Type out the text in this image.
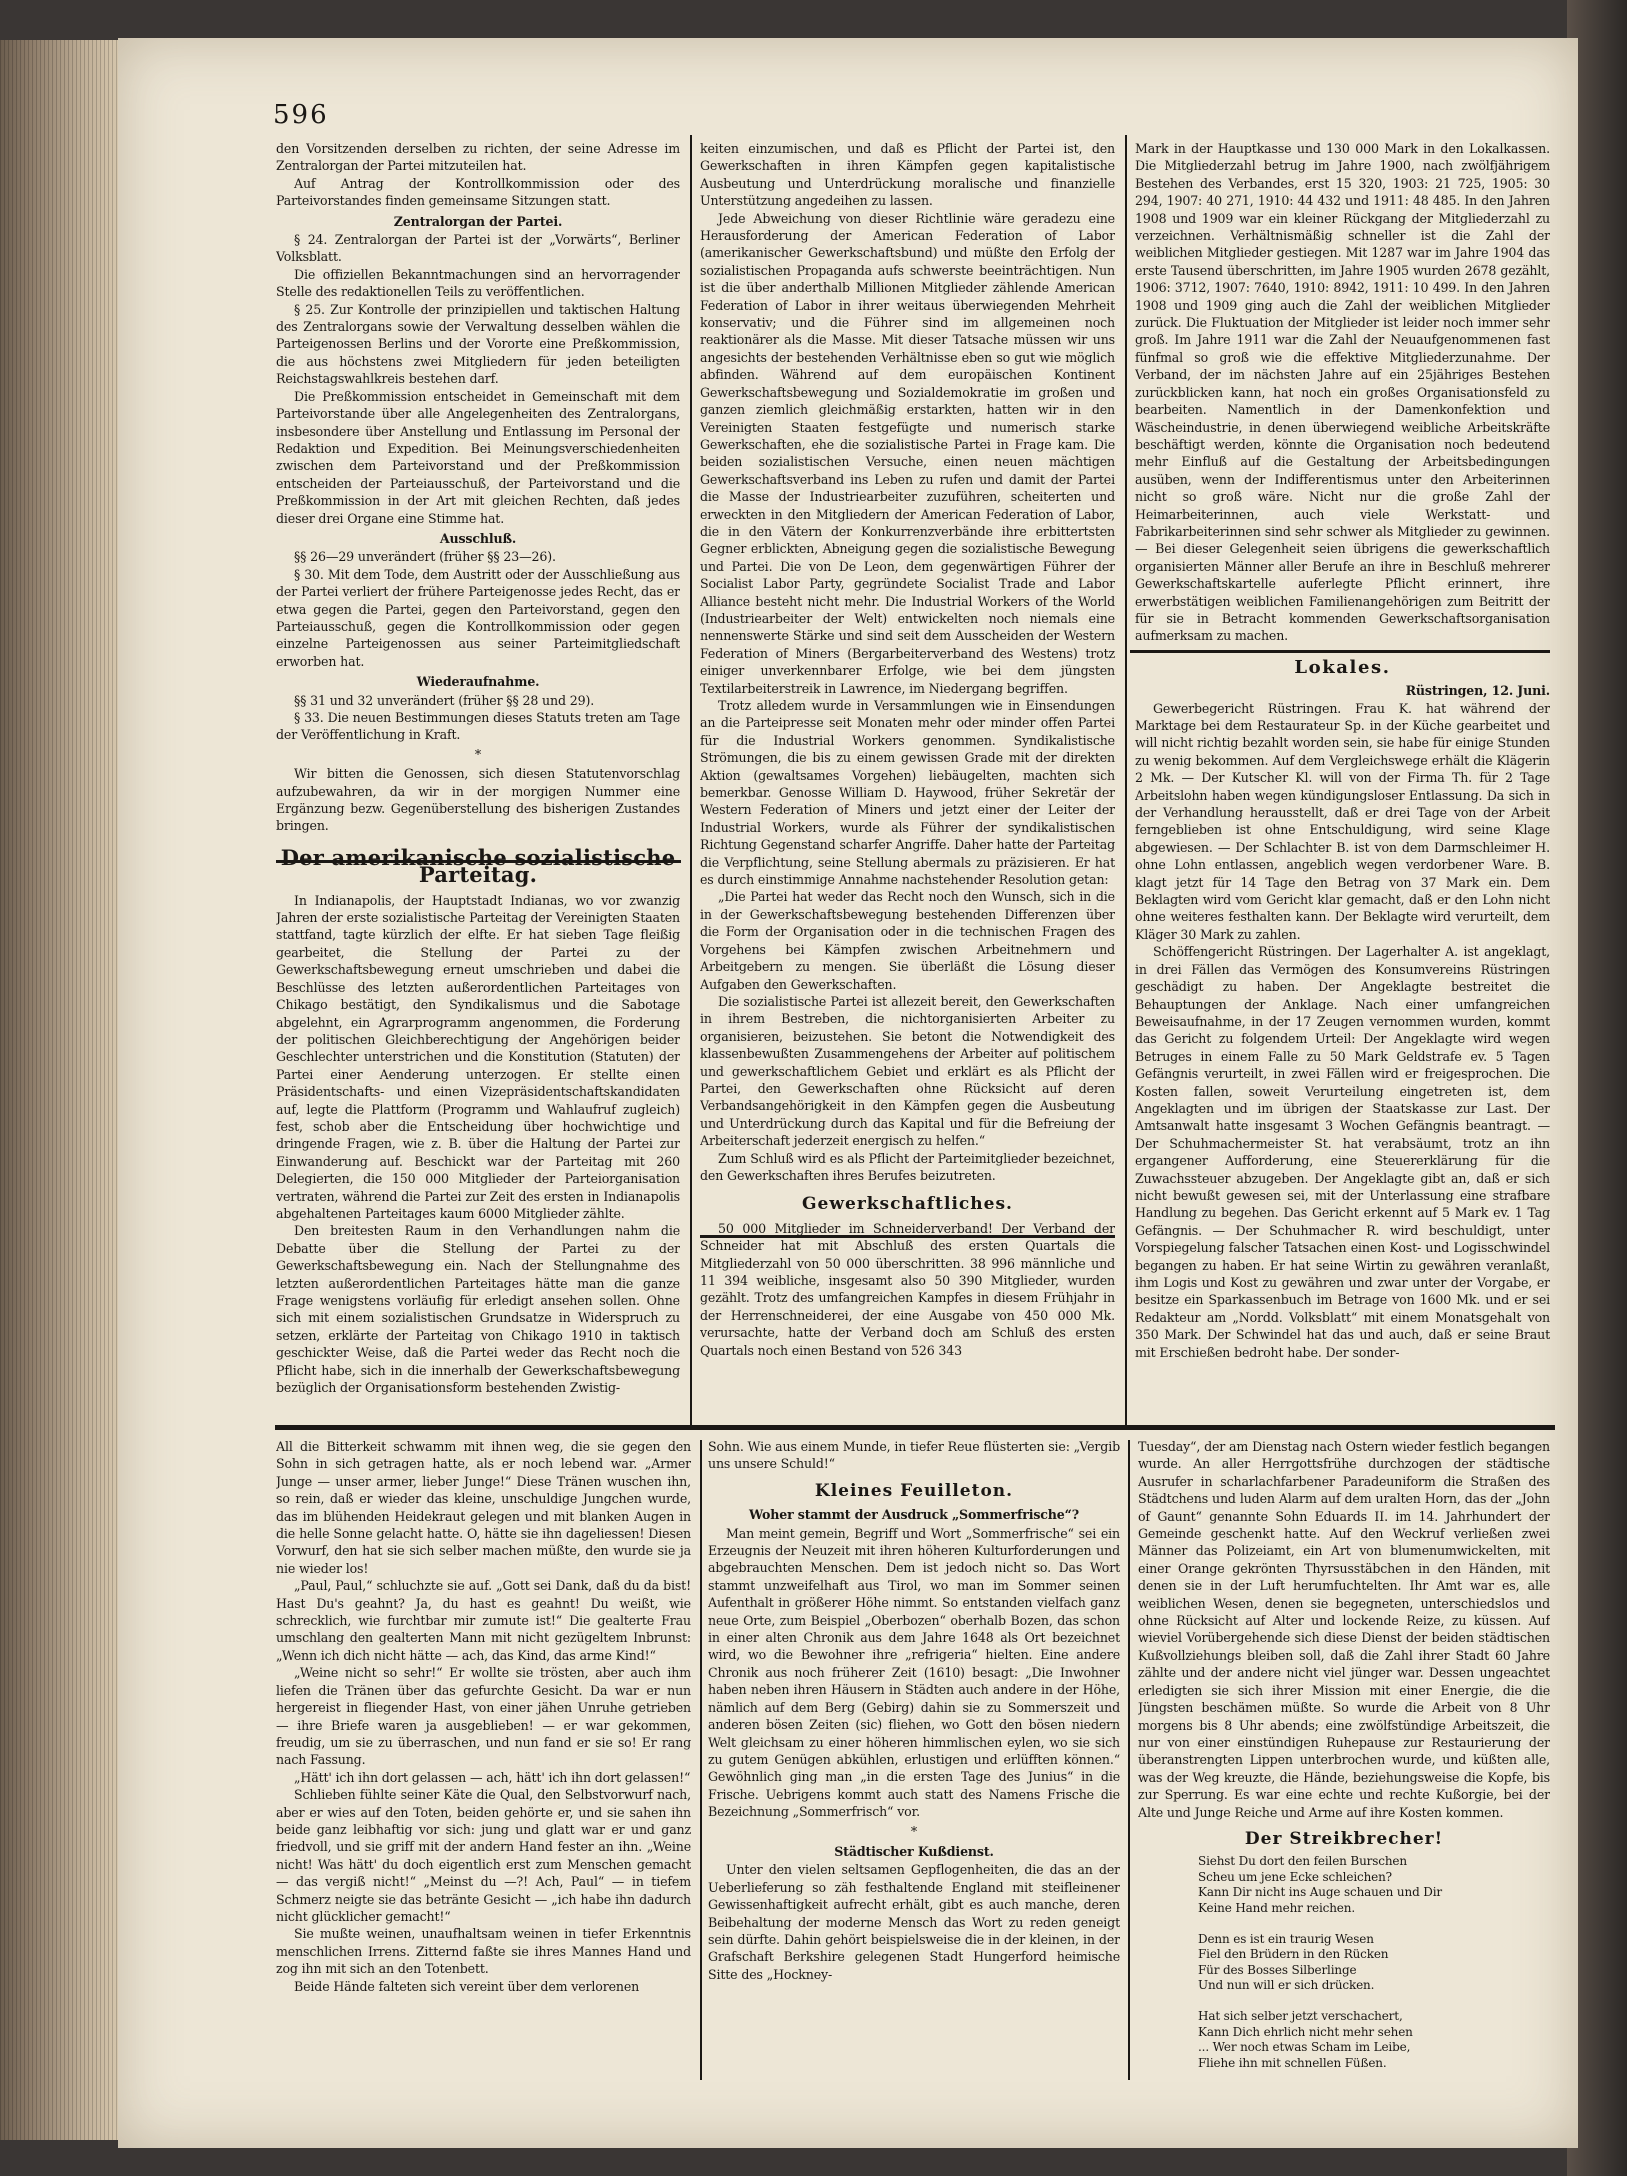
596

den Vorsitzenden derselben zu richten, der seine Adresse im Zentralorgan der Partei mitzuteilen hat.

Auf Antrag der Kontrollkommission oder des Parteivorstandes finden gemeinsame Sitzungen statt.

Zentralorgan der Partei.

§ 24. Zentralorgan der Partei ist der „Vorwärts“, Berliner Volksblatt.

Die offiziellen Bekanntmachungen sind an hervorragender Stelle des redaktionellen Teils zu veröffentlichen.

§ 25. Zur Kontrolle der prinzipiellen und taktischen Haltung des Zentralorgans sowie der Verwaltung desselben wählen die Parteigenossen Berlins und der Vororte eine Preßkommission, die aus höchstens zwei Mitgliedern für jeden beteiligten Reichstagswahlkreis bestehen darf.

Die Preßkommission entscheidet in Gemeinschaft mit dem Parteivorstande über alle Angelegenheiten des Zentralorgans, insbesondere über Anstellung und Entlassung im Personal der Redaktion und Expedition. Bei Meinungsverschiedenheiten zwischen dem Parteivorstand und der Preßkommission entscheiden der Parteiausschuß, der Parteivorstand und die Preßkommission in der Art mit gleichen Rechten, daß jedes dieser drei Organe eine Stimme hat.

Ausschluß.

§§ 26—29 unverändert (früher §§ 23—26).

§ 30. Mit dem Tode, dem Austritt oder der Ausschließung aus der Partei verliert der frühere Parteigenosse jedes Recht, das er etwa gegen die Partei, gegen den Parteivorstand, gegen den Parteiausschuß, gegen die Kontrollkommission oder gegen einzelne Parteigenossen aus seiner Parteimitgliedschaft erworben hat.

Wiederaufnahme.

§§ 31 und 32 unverändert (früher §§ 28 und 29).

§ 33. Die neuen Bestimmungen dieses Statuts treten am Tage der Veröffentlichung in Kraft.

*

Wir bitten die Genossen, sich diesen Statutenvorschlag aufzubewahren, da wir in der morgigen Nummer eine Ergänzung bezw. Gegenüberstellung des bisherigen Zustandes bringen.

Der amerikanische sozialistische Parteitag.

In Indianapolis, der Hauptstadt Indianas, wo vor zwanzig Jahren der erste sozialistische Parteitag der Vereinigten Staaten stattfand, tagte kürzlich der elfte. Er hat sieben Tage fleißig gearbeitet, die Stellung der Partei zu der Gewerkschaftsbewegung erneut umschrieben und dabei die Beschlüsse des letzten außerordentlichen Parteitages von Chikago bestätigt, den Syndikalismus und die Sabotage abgelehnt, ein Agrarprogramm angenommen, die Forderung der politischen Gleichberechtigung der Angehörigen beider Geschlechter unterstrichen und die Konstitution (Statuten) der Partei einer Aenderung unterzogen. Er stellte einen Präsidentschafts- und einen Vizepräsidentschaftskandidaten auf, legte die Plattform (Programm und Wahlaufruf zugleich) fest, schob aber die Entscheidung über hochwichtige und dringende Fragen, wie z. B. über die Haltung der Partei zur Einwanderung auf. Beschickt war der Parteitag mit 260 Delegierten, die 150 000 Mitglieder der Parteiorganisation vertraten, während die Partei zur Zeit des ersten in Indianapolis abgehaltenen Parteitages kaum 6000 Mitglieder zählte.

Den breitesten Raum in den Verhandlungen nahm die Debatte über die Stellung der Partei zu der Gewerkschaftsbewegung ein. Nach der Stellungnahme des letzten außerordentlichen Parteitages hätte man die ganze Frage wenigstens vorläufig für erledigt ansehen sollen. Ohne sich mit einem sozialistischen Grundsatze in Widerspruch zu setzen, erklärte der Parteitag von Chikago 1910 in taktisch geschickter Weise, daß die Partei weder das Recht noch die Pflicht habe, sich in die innerhalb der Gewerkschaftsbewegung bezüglich der Organisationsform bestehenden Zwistig-

keiten einzumischen, und daß es Pflicht der Partei ist, den Gewerkschaften in ihren Kämpfen gegen kapitalistische Ausbeutung und Unterdrückung moralische und finanzielle Unterstützung angedeihen zu lassen.

Jede Abweichung von dieser Richtlinie wäre geradezu eine Herausforderung der American Federation of Labor (amerikanischer Gewerkschaftsbund) und müßte den Erfolg der sozialistischen Propaganda aufs schwerste beeinträchtigen. Nun ist die über anderthalb Millionen Mitglieder zählende American Federation of Labor in ihrer weitaus überwiegenden Mehrheit konservativ; und die Führer sind im allgemeinen noch reaktionärer als die Masse. Mit dieser Tatsache müssen wir uns angesichts der bestehenden Verhältnisse eben so gut wie möglich abfinden. Während auf dem europäischen Kontinent Gewerkschaftsbewegung und Sozialdemokratie im großen und ganzen ziemlich gleichmäßig erstarkten, hatten wir in den Vereinigten Staaten festgefügte und numerisch starke Gewerkschaften, ehe die sozialistische Partei in Frage kam. Die beiden sozialistischen Versuche, einen neuen mächtigen Gewerkschaftsverband ins Leben zu rufen und damit der Partei die Masse der Industriearbeiter zuzuführen, scheiterten und erweckten in den Mitgliedern der American Federation of Labor, die in den Vätern der Konkurrenzverbände ihre erbittertsten Gegner erblickten, Abneigung gegen die sozialistische Bewegung und Partei. Die von De Leon, dem gegenwärtigen Führer der Socialist Labor Party, gegründete Socialist Trade and Labor Alliance besteht nicht mehr. Die Industrial Workers of the World (Industriearbeiter der Welt) entwickelten noch niemals eine nennenswerte Stärke und sind seit dem Ausscheiden der Western Federation of Miners (Bergarbeiterverband des Westens) trotz einiger unverkennbarer Erfolge, wie bei dem jüngsten Textilarbeiterstreik in Lawrence, im Niedergang begriffen.

Trotz alledem wurde in Versammlungen wie in Einsendungen an die Parteipresse seit Monaten mehr oder minder offen Partei für die Industrial Workers genommen. Syndikalistische Strömungen, die bis zu einem gewissen Grade mit der direkten Aktion (gewaltsames Vorgehen) liebäugelten, machten sich bemerkbar. Genosse William D. Haywood, früher Sekretär der Western Federation of Miners und jetzt einer der Leiter der Industrial Workers, wurde als Führer der syndikalistischen Richtung Gegenstand scharfer Angriffe. Daher hatte der Parteitag die Verpflichtung, seine Stellung abermals zu präzisieren. Er hat es durch einstimmige Annahme nachstehender Resolution getan:

„Die Partei hat weder das Recht noch den Wunsch, sich in die in der Gewerkschaftsbewegung bestehenden Differenzen über die Form der Organisation oder in die technischen Fragen des Vorgehens bei Kämpfen zwischen Arbeitnehmern und Arbeitgebern zu mengen. Sie überläßt die Lösung dieser Aufgaben den Gewerkschaften.

Die sozialistische Partei ist allezeit bereit, den Gewerkschaften in ihrem Bestreben, die nichtorganisierten Arbeiter zu organisieren, beizustehen. Sie betont die Notwendigkeit des klassenbewußten Zusammengehens der Arbeiter auf politischem und gewerkschaftlichem Gebiet und erklärt es als Pflicht der Partei, den Gewerkschaften ohne Rücksicht auf deren Verbandsangehörigkeit in den Kämpfen gegen die Ausbeutung und Unterdrückung durch das Kapital und für die Befreiung der Arbeiterschaft jederzeit energisch zu helfen.“

Zum Schluß wird es als Pflicht der Parteimitglieder bezeichnet, den Gewerkschaften ihres Berufes beizutreten.

Gewerkschaftliches.

50 000 Mitglieder im Schneiderverband! Der Verband der Schneider hat mit Abschluß des ersten Quartals die Mitgliederzahl von 50 000 überschritten. 38 996 männliche und 11 394 weibliche, insgesamt also 50 390 Mitglieder, wurden gezählt. Trotz des umfangreichen Kampfes in diesem Frühjahr in der Herrenschneiderei, der eine Ausgabe von 450 000 Mk. verursachte, hatte der Verband doch am Schluß des ersten Quartals noch einen Bestand von 526 343

Mark in der Hauptkasse und 130 000 Mark in den Lokalkassen. Die Mitgliederzahl betrug im Jahre 1900, nach zwölfjährigem Bestehen des Verbandes, erst 15 320, 1903: 21 725, 1905: 30 294, 1907: 40 271, 1910: 44 432 und 1911: 48 485. In den Jahren 1908 und 1909 war ein kleiner Rückgang der Mitgliederzahl zu verzeichnen. Verhältnismäßig schneller ist die Zahl der weiblichen Mitglieder gestiegen. Mit 1287 war im Jahre 1904 das erste Tausend überschritten, im Jahre 1905 wurden 2678 gezählt, 1906: 3712, 1907: 7640, 1910: 8942, 1911: 10 499. In den Jahren 1908 und 1909 ging auch die Zahl der weiblichen Mitglieder zurück. Die Fluktuation der Mitglieder ist leider noch immer sehr groß. Im Jahre 1911 war die Zahl der Neuaufgenommenen fast fünfmal so groß wie die effektive Mitgliederzunahme. Der Verband, der im nächsten Jahre auf ein 25jähriges Bestehen zurückblicken kann, hat noch ein großes Organisationsfeld zu bearbeiten. Namentlich in der Damenkonfektion und Wäscheindustrie, in denen überwiegend weibliche Arbeitskräfte beschäftigt werden, könnte die Organisation noch bedeutend mehr Einfluß auf die Gestaltung der Arbeitsbedingungen ausüben, wenn der Indifferentismus unter den Arbeiterinnen nicht so groß wäre. Nicht nur die große Zahl der Heimarbeiterinnen, auch viele Werkstatt- und Fabrikarbeiterinnen sind sehr schwer als Mitglieder zu gewinnen. — Bei dieser Gelegenheit seien übrigens die gewerkschaftlich organisierten Männer aller Berufe an ihre in Beschluß mehrerer Gewerkschaftskartelle auferlegte Pflicht erinnert, ihre erwerbstätigen weiblichen Familienangehörigen zum Beitritt der für sie in Betracht kommenden Gewerkschaftsorganisation aufmerksam zu machen.

Lokales.
Rüstringen, 12. Juni.

Gewerbegericht Rüstringen. Frau K. hat während der Marktage bei dem Restaurateur Sp. in der Küche gearbeitet und will nicht richtig bezahlt worden sein, sie habe für einige Stunden zu wenig bekommen. Auf dem Vergleichswege erhält die Klägerin 2 Mk. — Der Kutscher Kl. will von der Firma Th. für 2 Tage Arbeitslohn haben wegen kündigungsloser Entlassung. Da sich in der Verhandlung herausstellt, daß er drei Tage von der Arbeit ferngeblieben ist ohne Entschuldigung, wird seine Klage abgewiesen. — Der Schlachter B. ist von dem Darmschleimer H. ohne Lohn entlassen, angeblich wegen verdorbener Ware. B. klagt jetzt für 14 Tage den Betrag von 37 Mark ein. Dem Beklagten wird vom Gericht klar gemacht, daß er den Lohn nicht ohne weiteres festhalten kann. Der Beklagte wird verurteilt, dem Kläger 30 Mark zu zahlen.

Schöffengericht Rüstringen. Der Lagerhalter A. ist angeklagt, in drei Fällen das Vermögen des Konsumvereins Rüstringen geschädigt zu haben. Der Angeklagte bestreitet die Behauptungen der Anklage. Nach einer umfangreichen Beweisaufnahme, in der 17 Zeugen vernommen wurden, kommt das Gericht zu folgendem Urteil: Der Angeklagte wird wegen Betruges in einem Falle zu 50 Mark Geldstrafe ev. 5 Tagen Gefängnis verurteilt, in zwei Fällen wird er freigesprochen. Die Kosten fallen, soweit Verurteilung eingetreten ist, dem Angeklagten und im übrigen der Staatskasse zur Last. Der Amtsanwalt hatte insgesamt 3 Wochen Gefängnis beantragt. — Der Schuhmachermeister St. hat verabsäumt, trotz an ihn ergangener Aufforderung, eine Steuererklärung für die Zuwachssteuer abzugeben. Der Angeklagte gibt an, daß er sich nicht bewußt gewesen sei, mit der Unterlassung eine strafbare Handlung zu begehen. Das Gericht erkennt auf 5 Mark ev. 1 Tag Gefängnis. — Der Schuhmacher R. wird beschuldigt, unter Vorspiegelung falscher Tatsachen einen Kost- und Logisschwindel begangen zu haben. Er hat seine Wirtin zu gewähren veranlaßt, ihm Logis und Kost zu gewähren und zwar unter der Vorgabe, er besitze ein Sparkassenbuch im Betrage von 1600 Mk. und er sei Redakteur am „Nordd. Volksblatt“ mit einem Monatsgehalt von 350 Mark. Der Schwindel hat das und auch, daß er seine Braut mit Erschießen bedroht habe. Der sonder-

All die Bitterkeit schwamm mit ihnen weg, die sie gegen den Sohn in sich getragen hatte, als er noch lebend war. „Armer Junge — unser armer, lieber Junge!“ Diese Tränen wuschen ihn, so rein, daß er wieder das kleine, unschuldige Jungchen wurde, das im blühenden Heidekraut gelegen und mit blanken Augen in die helle Sonne gelacht hatte. O, hätte sie ihn dageliessen! Diesen Vorwurf, den hat sie sich selber machen müßte, den wurde sie ja nie wieder los!

„Paul, Paul,“ schluchzte sie auf. „Gott sei Dank, daß du da bist! Hast Du's geahnt? Ja, du hast es geahnt! Du weißt, wie schrecklich, wie furchtbar mir zumute ist!“ Die gealterte Frau umschlang den gealterten Mann mit nicht gezügeltem Inbrunst: „Wenn ich dich nicht hätte — ach, das Kind, das arme Kind!“

„Weine nicht so sehr!“ Er wollte sie trösten, aber auch ihm liefen die Tränen über das gefurchte Gesicht. Da war er nun hergereist in fliegender Hast, von einer jähen Unruhe getrieben — ihre Briefe waren ja ausgeblieben! — er war gekommen, freudig, um sie zu überraschen, und nun fand er sie so! Er rang nach Fassung.

„Hätt' ich ihn dort gelassen — ach, hätt' ich ihn dort gelassen!“

Schlieben fühlte seiner Käte die Qual, den Selbstvorwurf nach, aber er wies auf den Toten, beiden gehörte er, und sie sahen ihn beide ganz leibhaftig vor sich: jung und glatt war er und ganz friedvoll, und sie griff mit der andern Hand fester an ihn. „Weine nicht! Was hätt' du doch eigentlich erst zum Menschen gemacht — das vergiß nicht!“ „Meinst du —?! Ach, Paul“ — in tiefem Schmerz neigte sie das betränte Gesicht — „ich habe ihn dadurch nicht glücklicher gemacht!“

Sie mußte weinen, unaufhaltsam weinen in tiefer Erkenntnis menschlichen Irrens. Zitternd faßte sie ihres Mannes Hand und zog ihn mit sich an den Totenbett.

Beide Hände falteten sich vereint über dem verlorenen

Sohn. Wie aus einem Munde, in tiefer Reue flüsterten sie: „Vergib uns unsere Schuld!“

Kleines Feuilleton.
Woher stammt der Ausdruck „Sommerfrische“?

Man meint gemein, Begriff und Wort „Sommerfrische“ sei ein Erzeugnis der Neuzeit mit ihren höheren Kulturforderungen und abgebrauchten Menschen. Dem ist jedoch nicht so. Das Wort stammt unzweifelhaft aus Tirol, wo man im Sommer seinen Aufenthalt in größerer Höhe nimmt. So entstanden vielfach ganz neue Orte, zum Beispiel „Oberbozen“ oberhalb Bozen, das schon in einer alten Chronik aus dem Jahre 1648 als Ort bezeichnet wird, wo die Bewohner ihre „refrigeria“ hielten. Eine andere Chronik aus noch früherer Zeit (1610) besagt: „Die Inwohner haben neben ihren Häusern in Städten auch andere in der Höhe, nämlich auf dem Berg (Gebirg) dahin sie zu Sommerszeit und anderen bösen Zeiten (sic) fliehen, wo Gott den bösen niedern Welt gleichsam zu einer höheren himmlischen eylen, wo sie sich zu gutem Genügen abkühlen, erlustigen und erlüfften können.“ Gewöhnlich ging man „in die ersten Tage des Junius“ in die Frische. Uebrigens kommt auch statt des Namens Frische die Bezeichnung „Sommerfrisch“ vor.

*
Städtischer Kußdienst.

Unter den vielen seltsamen Gepflogenheiten, die das an der Ueberlieferung so zäh festhaltende England mit steifleinener Gewissenhaftigkeit aufrecht erhält, gibt es auch manche, deren Beibehaltung der moderne Mensch das Wort zu reden geneigt sein dürfte. Dahin gehört beispielsweise die in der kleinen, in der Grafschaft Berkshire gelegenen Stadt Hungerford heimische Sitte des „Hockney-

Tuesday“, der am Dienstag nach Ostern wieder festlich begangen wurde. An aller Herrgottsfrühe durchzogen der städtische Ausrufer in scharlachfarbener Paradeuniform die Straßen des Städtchens und luden Alarm auf dem uralten Horn, das der „John of Gaunt“ genannte Sohn Eduards II. im 14. Jahrhundert der Gemeinde geschenkt hatte. Auf den Weckruf verließen zwei Männer das Polizeiamt, ein Art von blumenumwickelten, mit einer Orange gekrönten Thyrsusstäbchen in den Händen, mit denen sie in der Luft herumfuchtelten. Ihr Amt war es, alle weiblichen Wesen, denen sie begegneten, unterschiedslos und ohne Rücksicht auf Alter und lockende Reize, zu küssen. Auf wieviel Vorübergehende sich diese Dienst der beiden städtischen Kußvollziehungs bleiben soll, daß die Zahl ihrer Stadt 60 Jahre zählte und der andere nicht viel jünger war. Dessen ungeachtet erledigten sie sich ihrer Mission mit einer Energie, die die Jüngsten beschämen müßte. So wurde die Arbeit von 8 Uhr morgens bis 8 Uhr abends; eine zwölfstündige Arbeitszeit, die nur von einer einstündigen Ruhepause zur Restaurierung der überanstrengten Lippen unterbrochen wurde, und küßten alle, was der Weg kreuzte, die Hände, beziehungsweise die Kopfe, bis zur Sperrung. Es war eine echte und rechte Kußorgie, bei der Alte und Junge Reiche und Arme auf ihre Kosten kommen.

Der Streikbrecher!

Siehst Du dort den feilen Burschen

Scheu um jene Ecke schleichen?

Kann Dir nicht ins Auge schauen und Dir

Keine Hand mehr reichen.

Denn es ist ein traurig Wesen

Fiel den Brüdern in den Rücken

Für des Bosses Silberlinge

Und nun will er sich drücken.

Hat sich selber jetzt verschachert,

Kann Dich ehrlich nicht mehr sehen

... Wer noch etwas Scham im Leibe,

Fliehe ihn mit schnellen Füßen.
